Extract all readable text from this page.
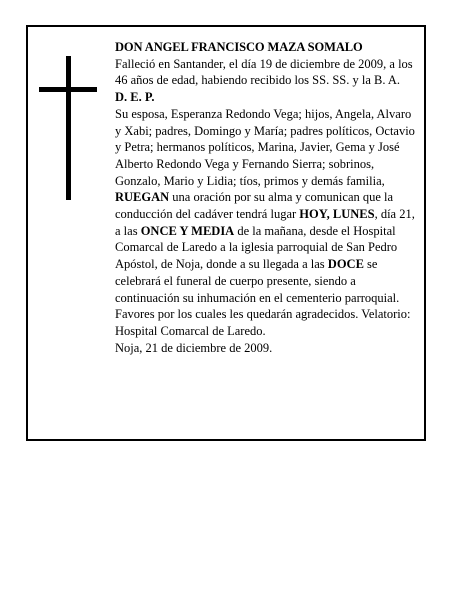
DON ANGEL FRANCISCO MAZA SOMALO

Falleció en Santander, el día 19 de diciembre de 2009, a los 46 años de edad, habiendo recibido los SS. SS. y la B. A.

D. E. P.

Su esposa, Esperanza Redondo Vega; hijos, Angela, Alvaro y Xabi; padres, Domingo y María; padres políticos, Octavio y Petra; hermanos políticos, Marina, Javier, Gema y José Alberto Redondo Vega y Fernando Sierra; sobrinos, Gonzalo, Mario y Lidia; tíos, primos y demás familia,

RUEGAN una oración por su alma y comunican que la conducción del cadáver tendrá lugar HOY, LUNES, día 21, a las ONCE Y MEDIA de la mañana, desde el Hospital Comarcal de Laredo a la iglesia parroquial de San Pedro Apóstol, de Noja, donde a su llegada a las DOCE se celebrará el funeral de cuerpo presente, siendo a continuación su inhumación en el cementerio parroquial. Favores por los cuales les quedarán agradecidos. Velatorio: Hospital Comarcal de Laredo.

Noja, 21 de diciembre de 2009.
